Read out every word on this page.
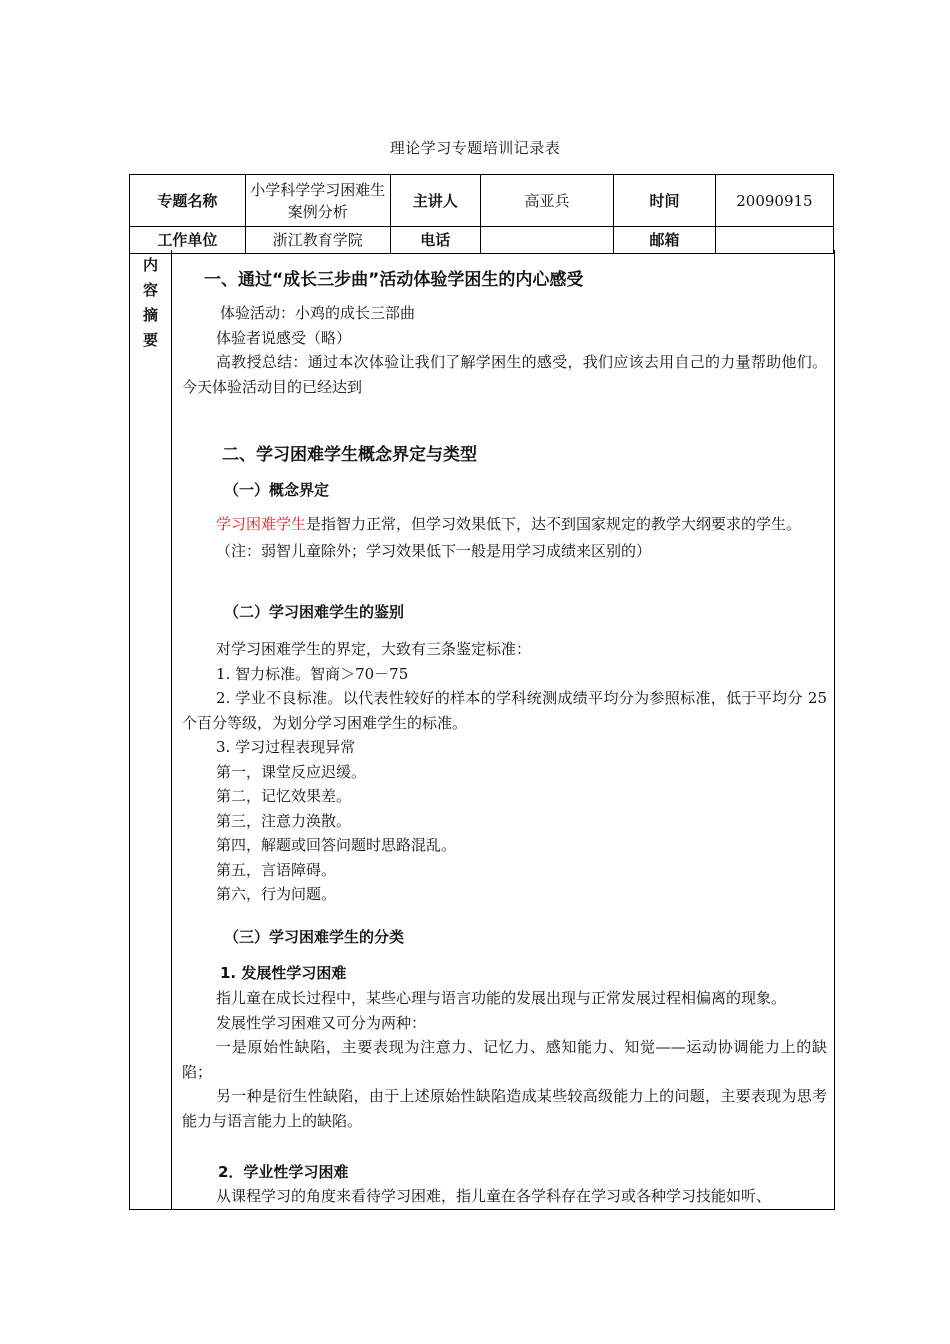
理论学习专题培训记录表
专题名称	小学科学学习困难生案例分析	主讲人	高亚兵	时间	20090915
工作单位	浙江教育学院	电话		邮箱	
内
容
摘
要
一、通过“成长三步曲”活动体验学困生的内心感受

体验活动：小鸡的成长三部曲

体验者说感受（略）

高教授总结：通过本次体验让我们了解学困生的感受，我们应该去用自己的力量帮助他们。今天体验活动目的已经达到

二、学习困难学生概念界定与类型
（一）概念界定

学习困难学生是指智力正常，但学习效果低下，达不到国家规定的教学大纲要求的学生。

（注：弱智儿童除外；学习效果低下一般是用学习成绩来区别的）

（二）学习困难学生的鉴别

对学习困难学生的界定，大致有三条鉴定标准：

1. 智力标准。智商＞70－75

2. 学业不良标准。以代表性较好的样本的学科统测成绩平均分为参照标准，低于平均分 25 个百分等级，为划分学习困难学生的标准。

3. 学习过程表现异常

第一，课堂反应迟缓。

第二，记忆效果差。

第三，注意力涣散。

第四，解题或回答问题时思路混乱。

第五，言语障碍。

第六，行为问题。

（三）学习困难学生的分类
1. 发展性学习困难

指儿童在成长过程中，某些心理与语言功能的发展出现与正常发展过程相偏离的现象。

发展性学习困难又可分为两种：

一是原始性缺陷，主要表现为注意力、记忆力、感知能力、知觉——运动协调能力上的缺陷；

另一种是衍生性缺陷，由于上述原始性缺陷造成某些较高级能力上的问题，主要表现为思考能力与语言能力上的缺陷。

2．学业性学习困难

从课程学习的角度来看待学习困难，指儿童在各学科存在学习或各种学习技能如听、
